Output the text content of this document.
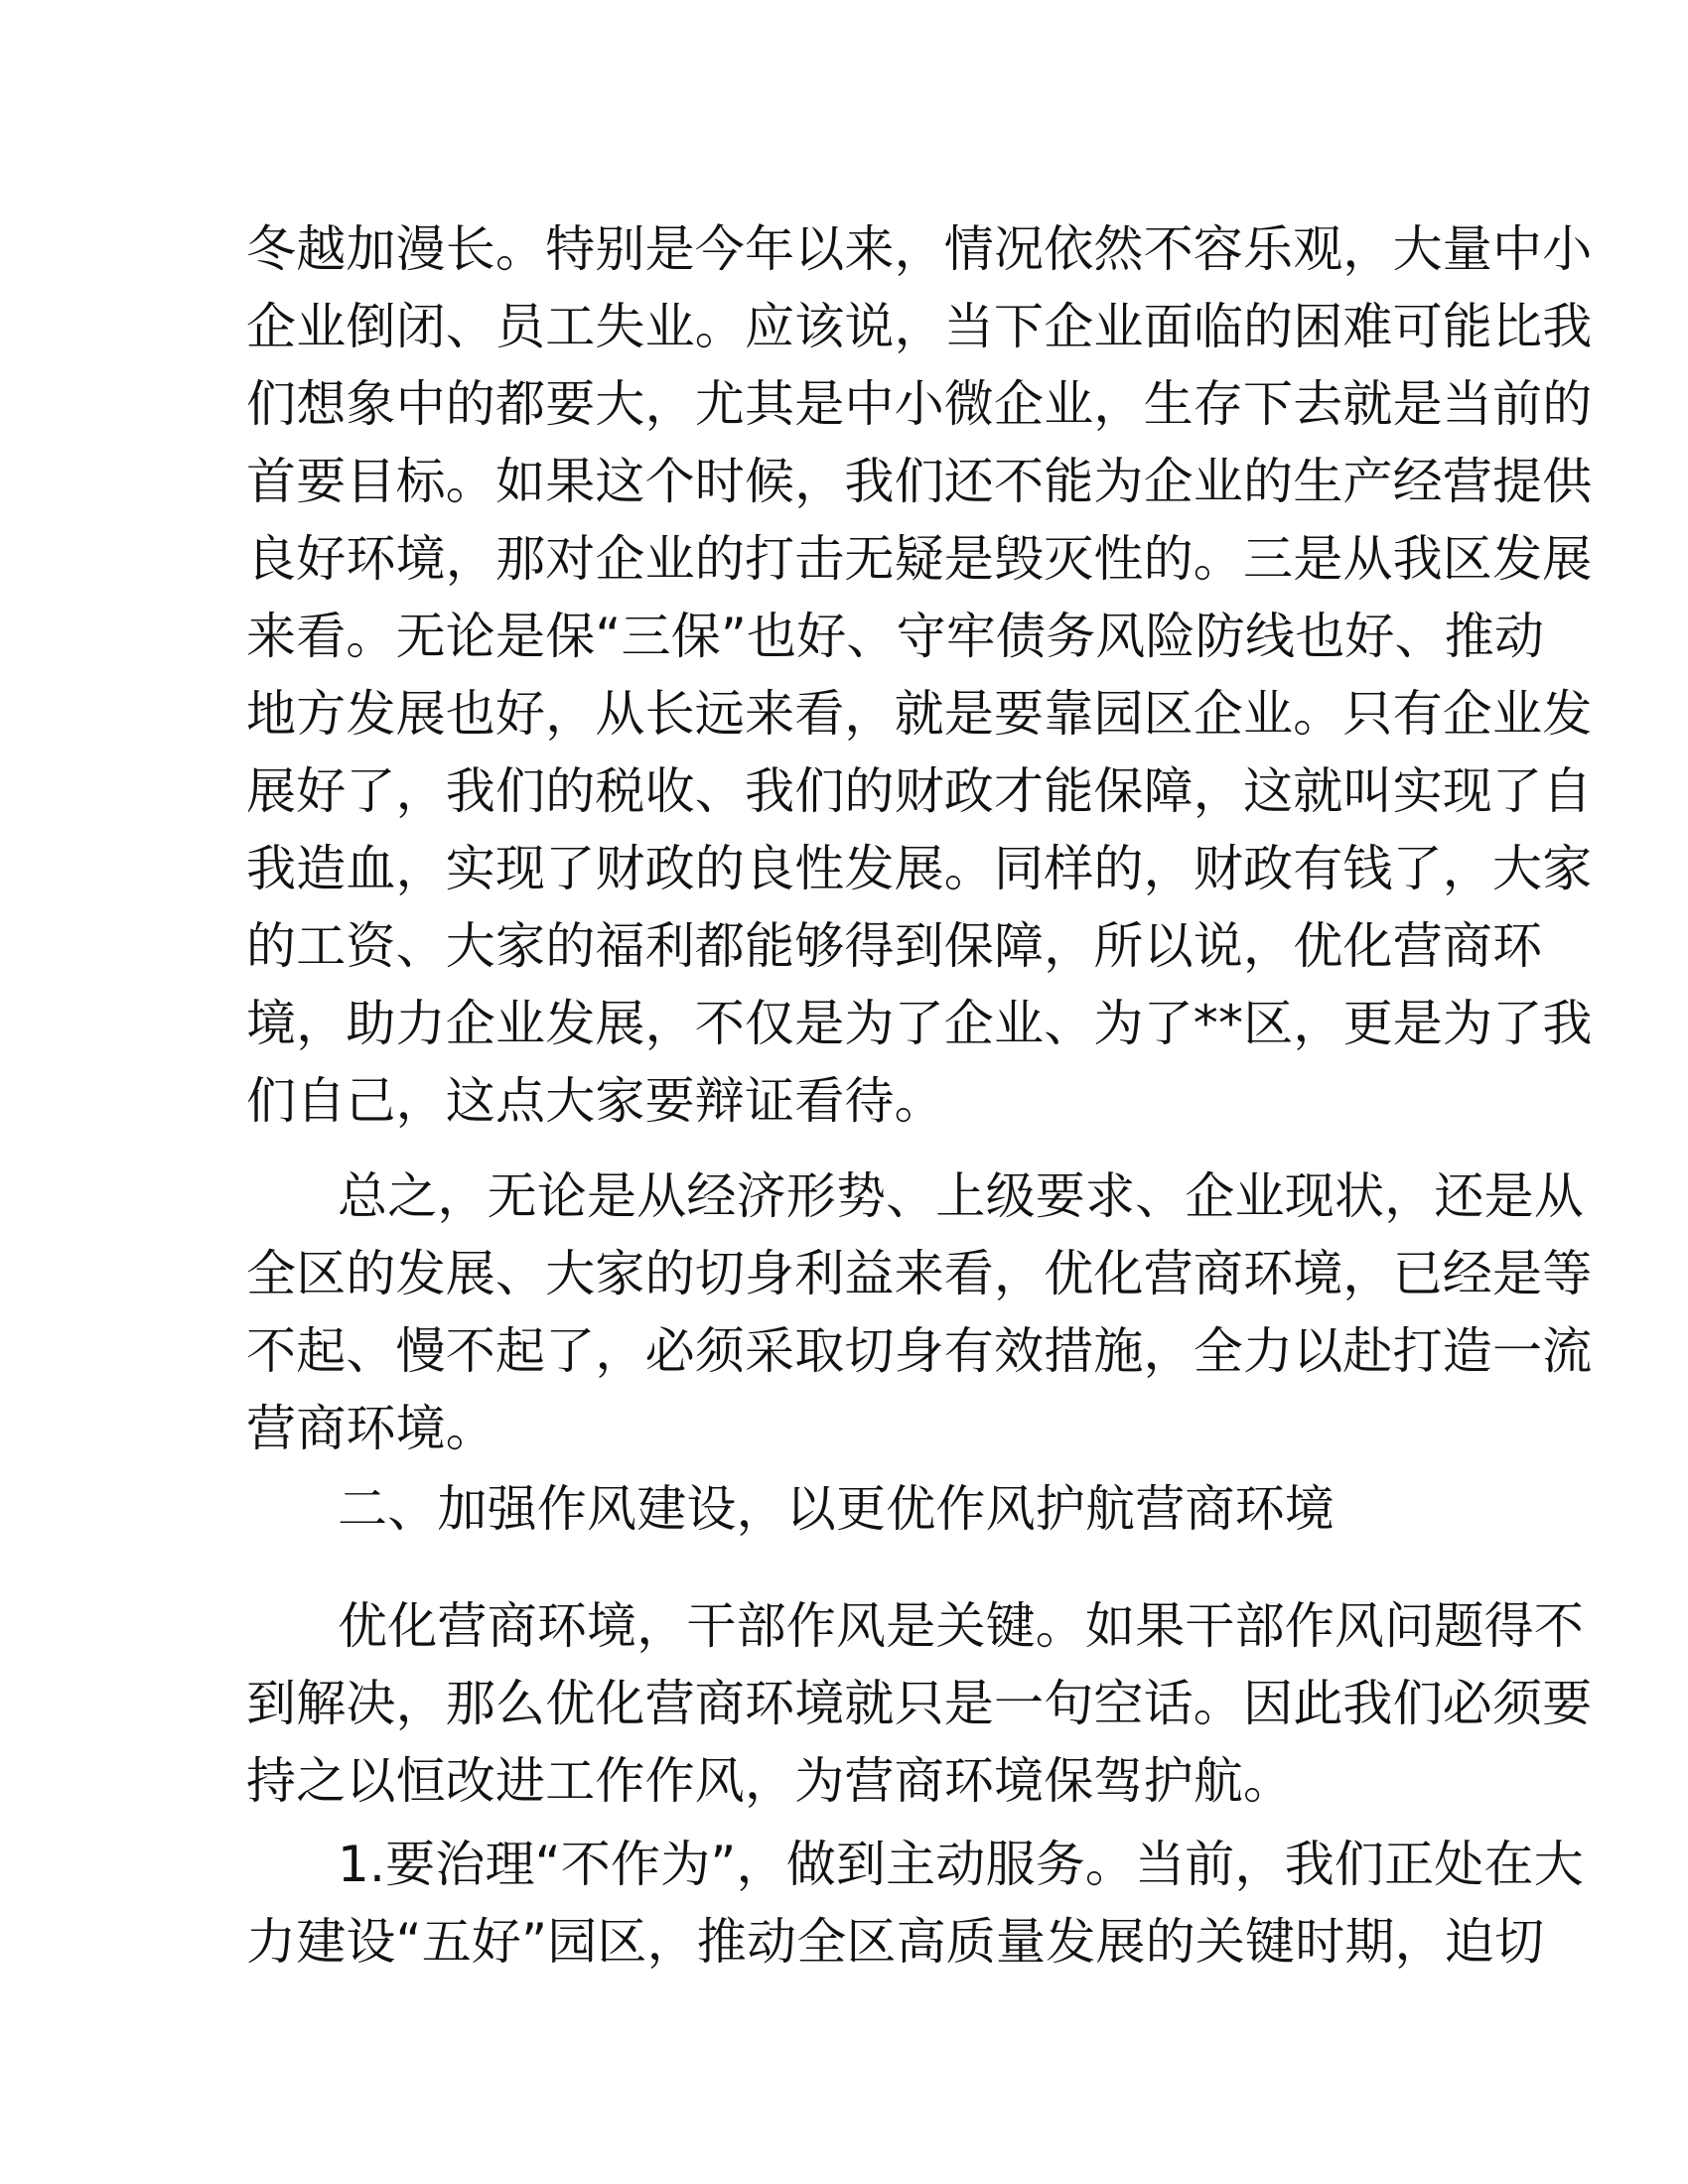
冬越加漫长。特别是今年以来，情况依然不容乐观，大量中小
企业倒闭、员工失业。应该说，当下企业面临的困难可能比我
们想象中的都要大，尤其是中小微企业，生存下去就是当前的
首要目标。如果这个时候，我们还不能为企业的生产经营提供
良好环境，那对企业的打击无疑是毁灭性的。三是从我区发展
来看。无论是保“三保”也好、守牢债务风险防线也好、推动
地方发展也好，从长远来看，就是要靠园区企业。只有企业发
展好了，我们的税收、我们的财政才能保障，这就叫实现了自
我造血，实现了财政的良性发展。同样的，财政有钱了，大家
的工资、大家的福利都能够得到保障，所以说，优化营商环
境，助力企业发展，不仅是为了企业、为了**区，更是为了我
们自己，这点大家要辩证看待。
总之，无论是从经济形势、上级要求、企业现状，还是从
全区的发展、大家的切身利益来看，优化营商环境，已经是等
不起、慢不起了，必须采取切身有效措施，全力以赴打造一流
营商环境。
二、加强作风建设，以更优作风护航营商环境
优化营商环境，干部作风是关键。如果干部作风问题得不
到解决，那么优化营商环境就只是一句空话。因此我们必须要
持之以恒改进工作作风，为营商环境保驾护航。
1.要治理“不作为”，做到主动服务。当前，我们正处在大
力建设“五好”园区，推动全区高质量发展的关键时期，迫切
